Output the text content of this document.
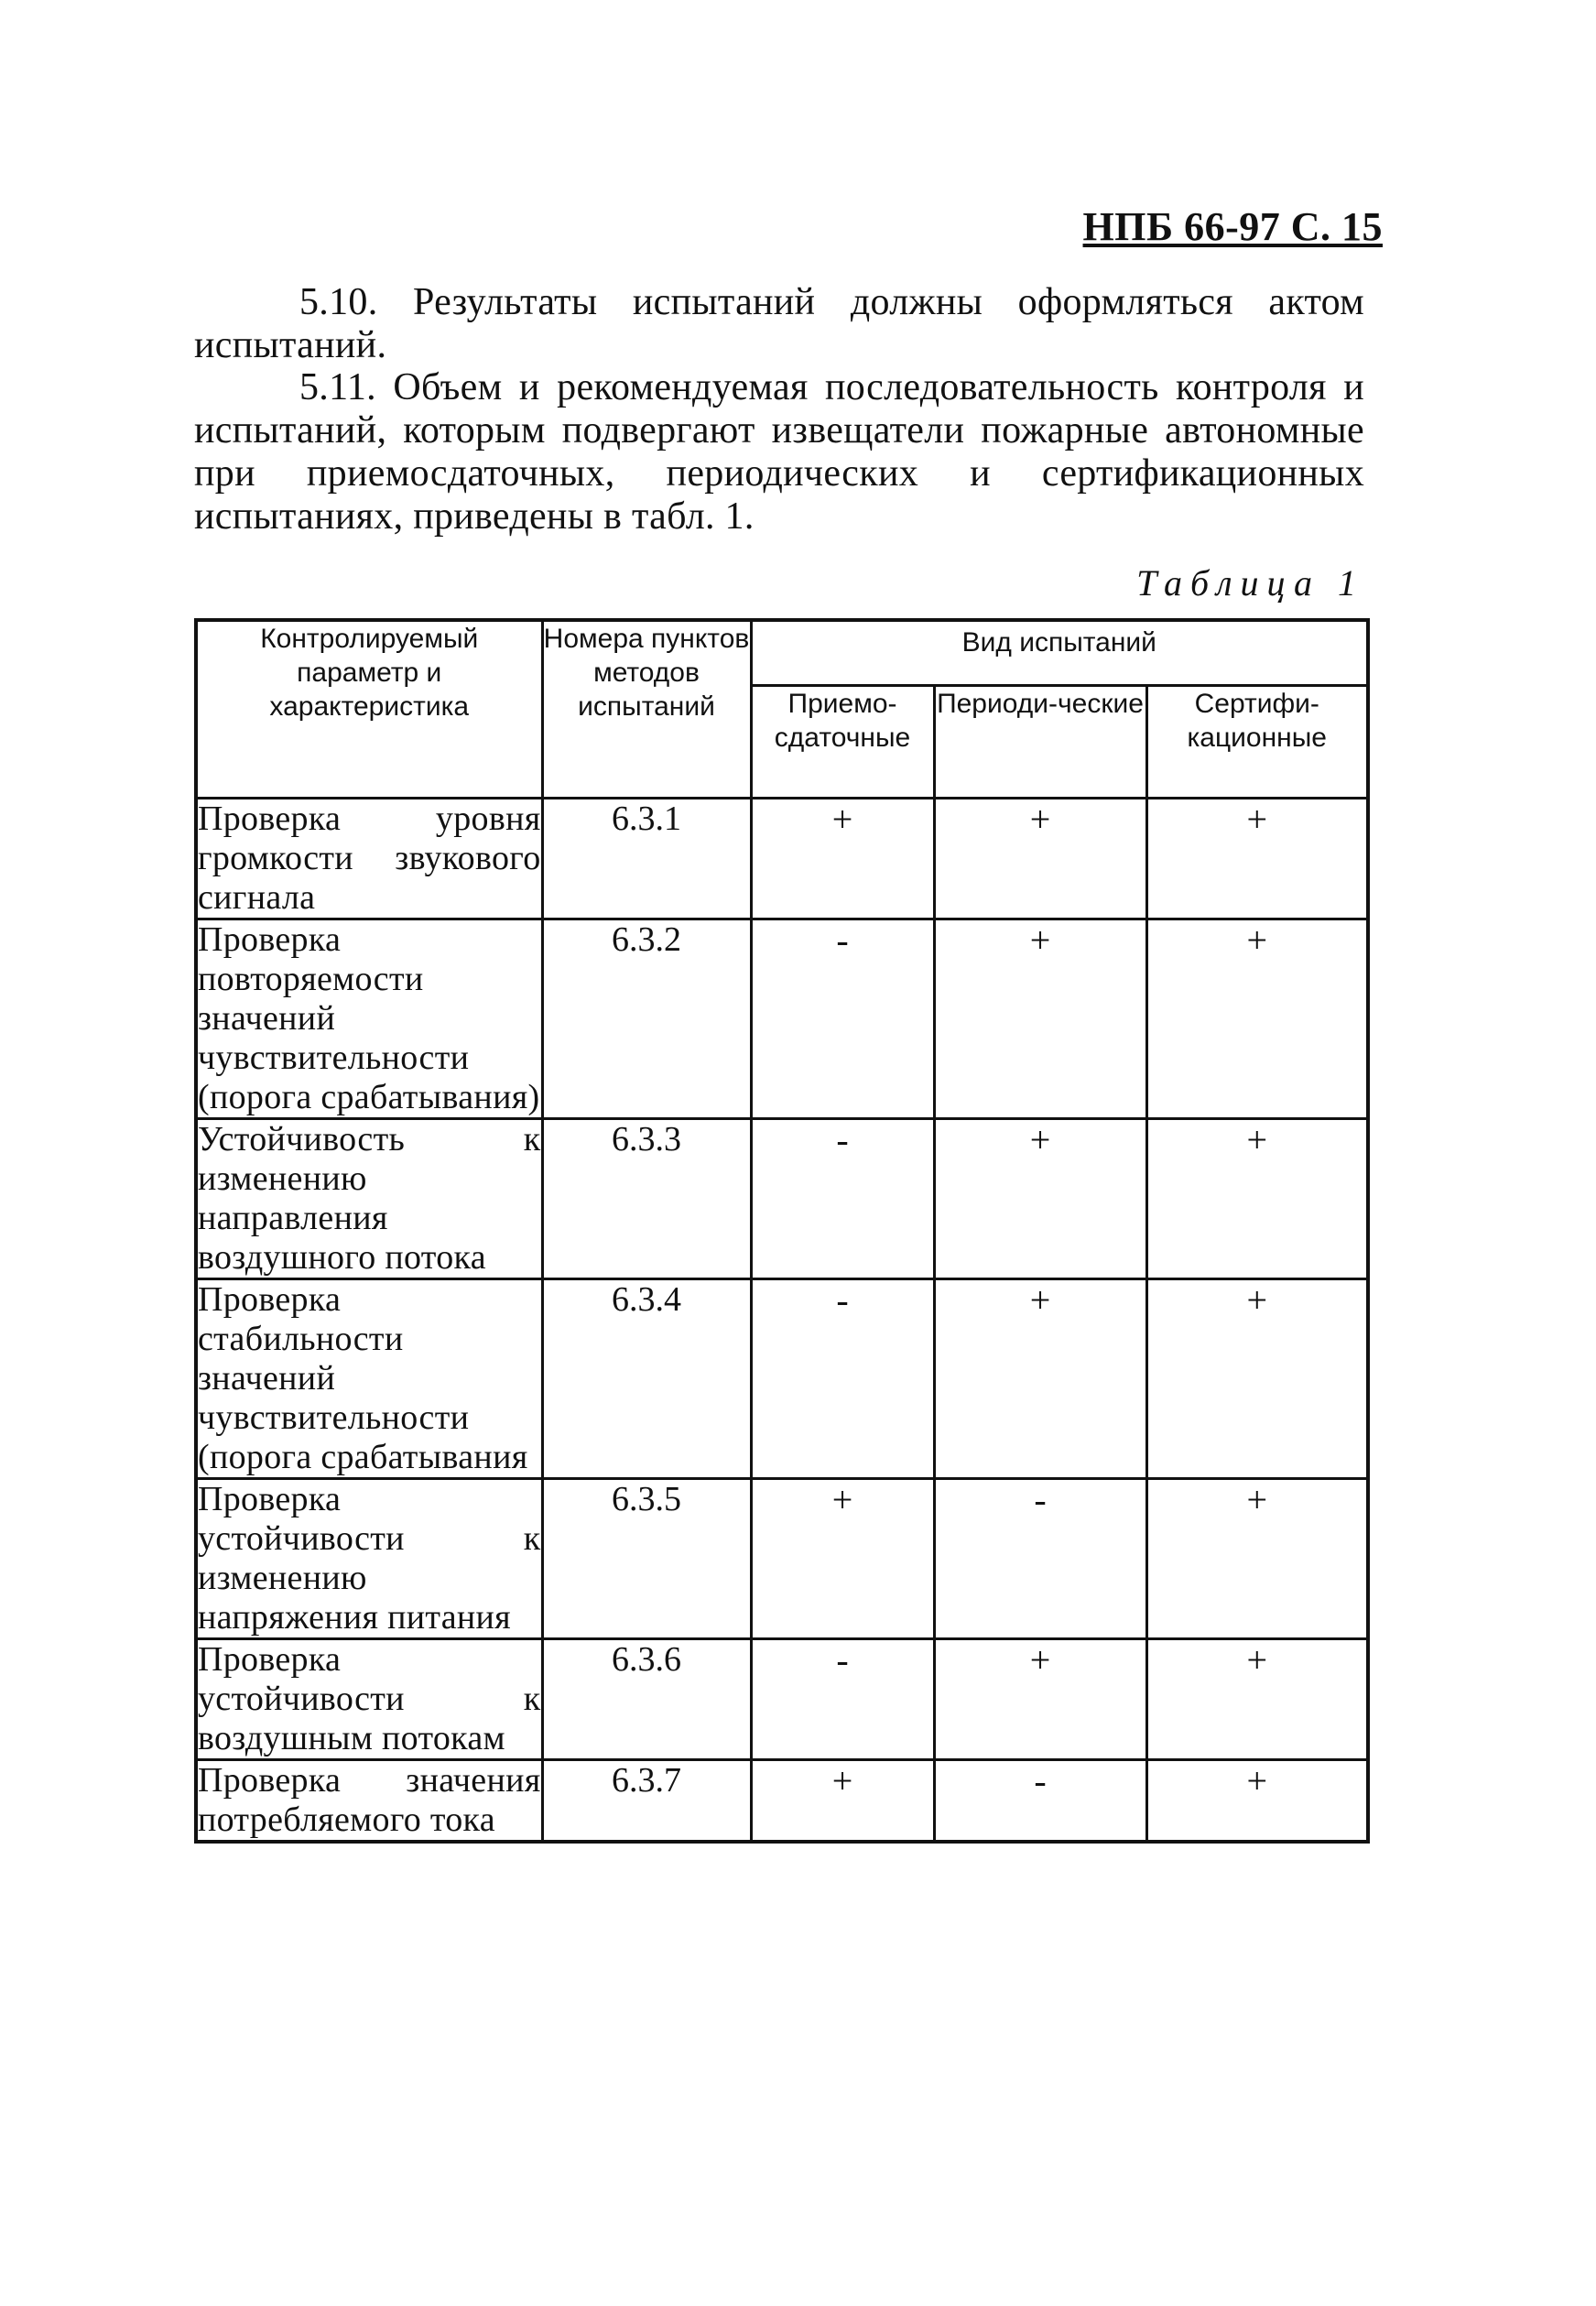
НПБ 66-97 С. 15
5.10. Результаты испытаний должны оформляться актом испытаний.
5.11. Объем и рекомендуемая последовательность контроля и испытаний, которым подвергают извещатели пожарные автономные при приемосдаточных, периодических и сертификационных испытаниях, приведены в табл. 1.
Таблица 1
Контролируемый параметр и характеристика	Номера пунктов методов испытаний	Вид испытаний		
		Приемо-сдаточные	Периоди-ческие	Сертифи-кационные
Проверка уровня громкости звукового сигнала	6.3.1	+	+	+
Проверка повторяемости значений чувствительности (порога срабатывания)	6.3.2	-	+	+
Устойчивость к изменению направления воздушного потока	6.3.3	-	+	+
Проверка стабильности значений чувствительности (порога срабатывания	6.3.4	-	+	+
Проверка устойчивости к изменению напряжения питания	6.3.5	+	-	+
Проверка устойчивости к воздушным потокам	6.3.6	-	+	+
Проверка значения потребляемого тока	6.3.7	+	-	+
